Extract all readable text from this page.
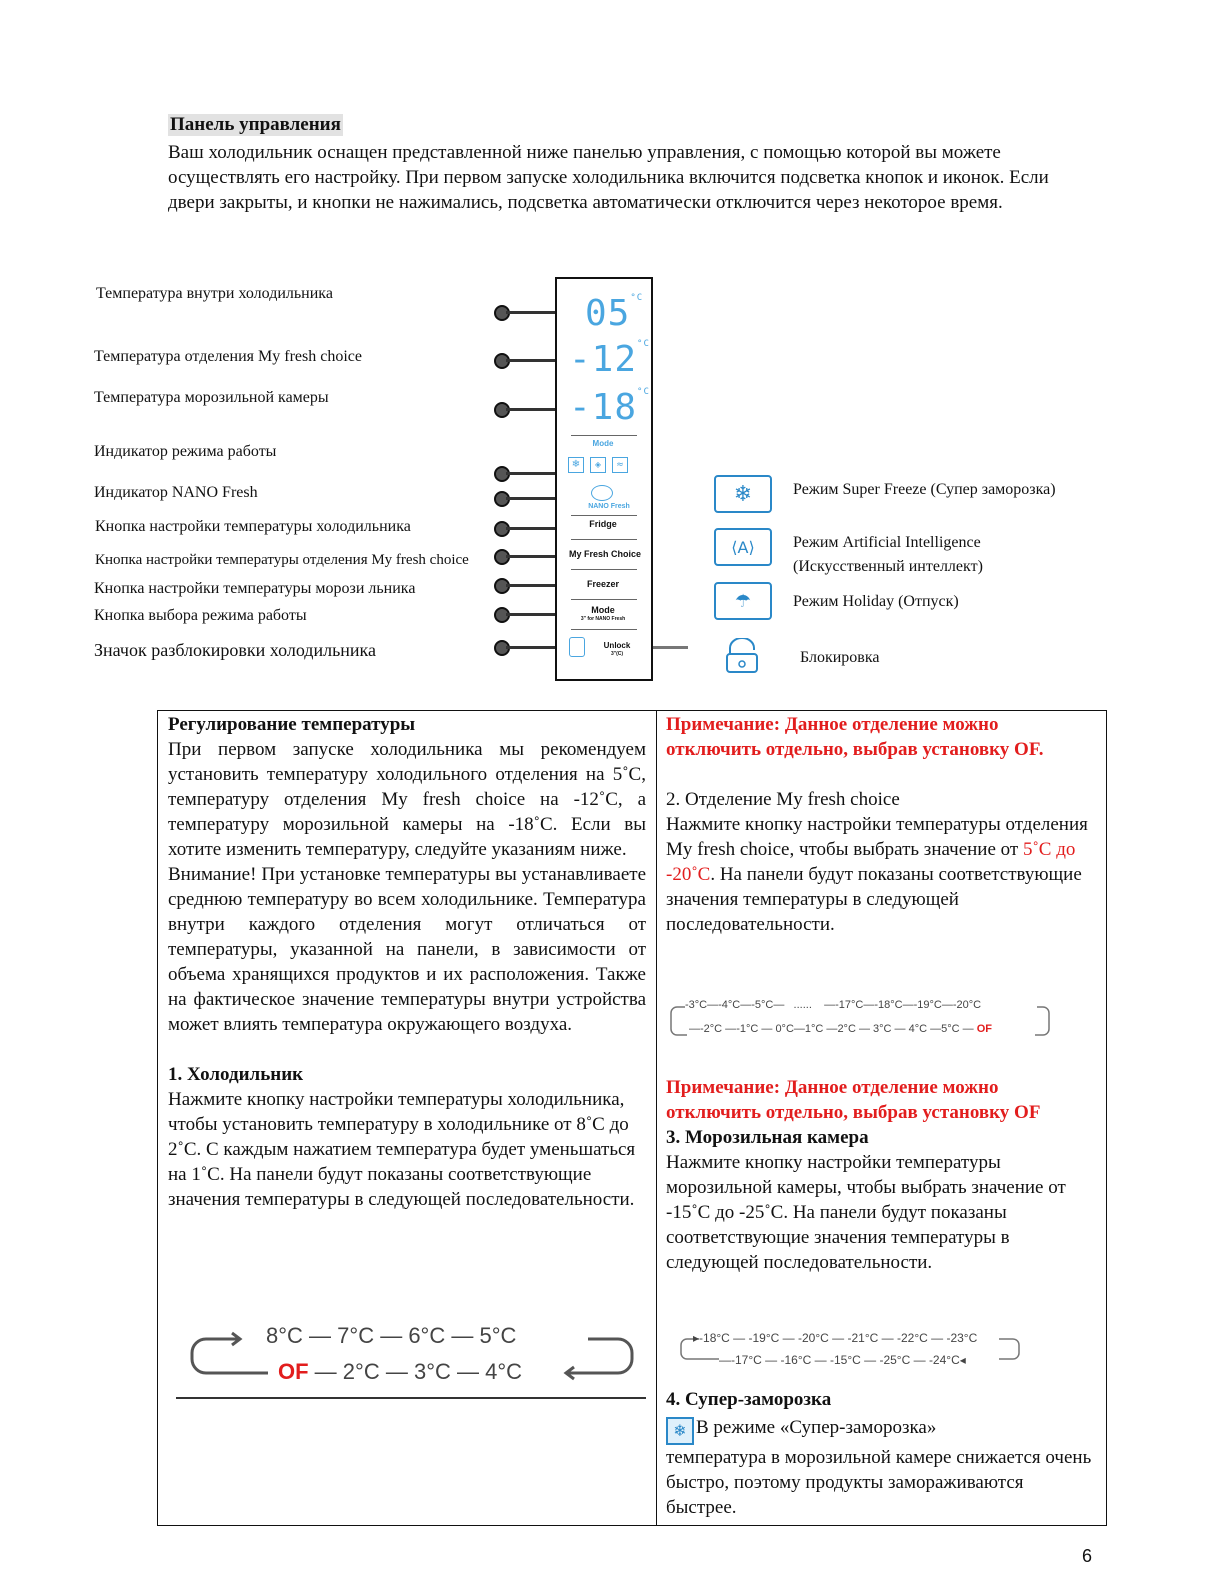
Панель управления

Ваш холодильник оснащен представленной ниже панелью управления, с помощью которой вы можете осуществлять его настройку. При первом запуске холодильника включится подсветка кнопок и иконок. Если двери закрыты, и кнопки не нажимались, подсветка автоматически отключится через некоторое время.

Температура внутри холодильника
Температура отделения My fresh choice
Температура морозильной камеры
Индикатор режима работы
Индикатор NANO Fresh
Кнопка настройки температуры холодильника
Кнопка настройки температуры отделения My fresh choice
Кнопка настройки температуры морози льника
Кнопка выбора режима работы
Значок разблокировки холодильника
$05^{^\circ C}$
$-12^{^\circ C}$
$-18^{^\circ C}$
Mode
❄	◈	≈
NANO Fresh
Fridge
My Fresh Choice
Freezer
Mode
3" for NANO Fresh
Unlock
3"(C)
❄	Режим Super Freeze (Супер заморозка)
⟨A⟩	Режим Artificial Intelligence
(Искусственный интеллект)
☂	Режим Holiday (Отпуск)
Блокировка

Регулирование температуры

При первом запуске холодильника мы рекомендуем установить температуру холодильного отделения на 5˚С, температуру отделения My fresh choice на -12˚С, а температуру морозильной камеры на -18˚С. Если вы хотите изменить температуру, следуйте указаниям ниже.

Внимание! При установке температуры вы устанавливаете среднюю температуру во всем холодильнике. Температура внутри каждого отделения могут отличаться от температуры, указанной на панели, в зависимости от объема хранящихся продуктов и их расположения. Также на фактическое значение температуры внутри устройства может влиять температура окружающего воздуха.

1. Холодильник

Нажмите кнопку настройки температуры холодильника, чтобы установить температуру в холодильнике от 8˚С до 2˚С. С каждым нажатием температура будет уменьшаться на 1˚С. На панели будут показаны соответствующие значения температуры в следующей последовательности.

8°C — 7°C — 6°C — 5°C
OF — 2°C — 3°C — 4°C

Примечание: Данное отделение можно отключить отдельно, выбрав установку OF.

2. Отделение My fresh choice

Нажмите кнопку настройки температуры отделения My fresh choice, чтобы выбрать значение от 5˚С до -20˚С. На панели будут показаны соответствующие значения температуры в следующей последовательности.

-3°C—-4°C—-5°C—   ......    —-17°C—-18°C—-19°C—-20°C
—-2°C —-1°C — 0°C—1°C —2°C — 3°C — 4°C —5°C — OF

Примечание: Данное отделение можно отключить отдельно, выбрав установку OF

3. Морозильная камера

Нажмите кнопку настройки температуры морозильной камеры, чтобы выбрать значение от -15˚С до -25˚С. На панели будут показаны соответствующие значения температуры в следующей последовательности.

▸-18°C — -19°C — -20°C — -21°C — -22°C — -23°C
—-17°C — -16°C — -15°C — -25°C — -24°C◂

4. Супер-заморозка

❄ В режиме «Супер-заморозка»

температура в морозильной камере снижается очень быстро, поэтому продукты замораживаются быстрее.

6
